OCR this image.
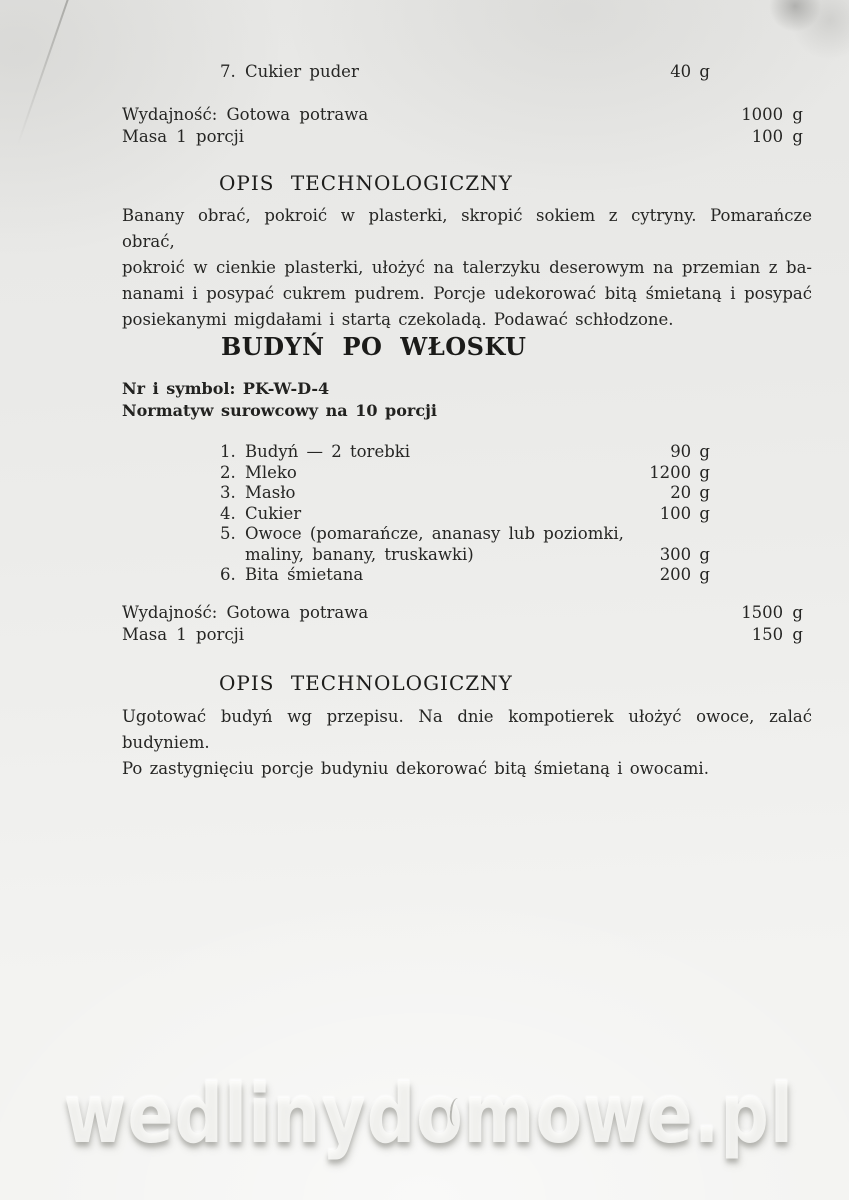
7. Cukier puder	40 g
Wydajność: Gotowa potrawa	1000 g
Masa 1 porcji	100 g
OPIS TECHNOLOGICZNY
Banany obrać, pokroić w plasterki, skropić sokiem z cytryny. Pomarańcze obrać,
pokroić w cienkie plasterki, ułożyć na talerzyku deserowym na przemian z ba-
nanami i posypać cukrem pudrem. Porcje udekorować bitą śmietaną i posypać
posiekanymi migdałami i startą czekoladą. Podawać schłodzone.
BUDYŃ PO WŁOSKU
Nr i symbol: PK-W-D-4
Normatyw surowcowy na 10 porcji
1. Budyń — 2 torebki	90 g
2. Mleko	1200 g
3. Masło	20 g
4. Cukier	100 g
5. Owoce (pomarańcze, ananasy lub poziomki,
maliny, banany, truskawki)	300 g
6. Bita śmietana	200 g
Wydajność: Gotowa potrawa	1500 g
Masa 1 porcji	150 g
OPIS TECHNOLOGICZNY
Ugotować budyń wg przepisu. Na dnie kompotierek ułożyć owoce, zalać budyniem.
Po zastygnięciu porcje budyniu dekorować bitą śmietaną i owocami.
wedlinydomowe.pl
